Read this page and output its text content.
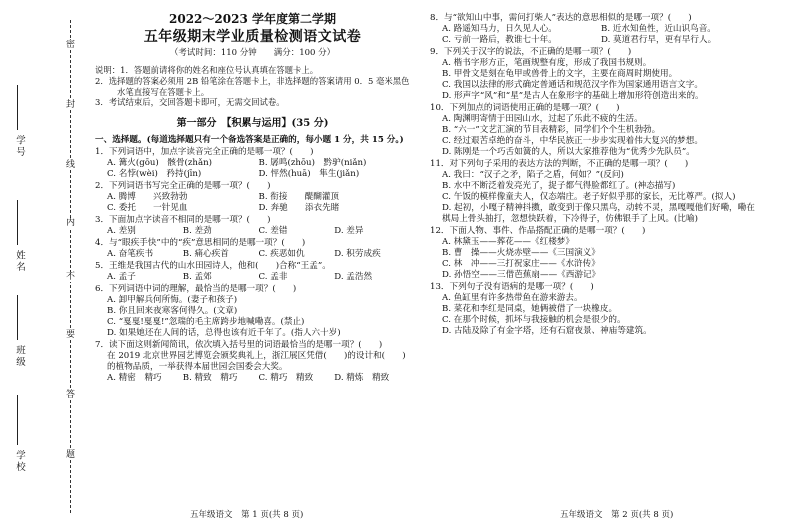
学号
姓名
班级
学校
密
封
线
内
不
要
答
题
2022～2023 学年度第二学期
五年级期末学业质量检测语文试卷
（考试时间：110 分钟　　满分：100 分）
说明：1．答题前请将你的姓名和座位号认真填在答题卡上。
2．选择题的答案必须用 2B 铅笔涂在答题卡上，非选择题的答案请用 0．5 毫米黑色水笔直接写在答题卡上。
3．考试结束后，交回答题卡即可，无需交回试卷。
第一部分　【积累与运用】(35 分)
一、选择题。(每道选择题只有一个备选答案是正确的，每小题 1 分，共 15 分。)
1．下列词语中，加点字读音完全正确的是哪一项？(　　)
A. 篝火(gōu)　骸骨(zhǎn)	B. 孱鸣(zhōu)　黔驴(niǎn)
C. 名悖(wèi)　矜持(jīn)	D. 怦然(huā)　隼生(jiǎn)
2．下列词语书写完全正确的是哪一项？(　　)
A. 腾博　　兴致勃勃	B. 衔接　　醍醐灌顶
C. 委托　　一针见血	D. 奔驰　　添衣先睹
3．下面加点字读音不相同的是哪一项？(　　)
A. 差别	B. 差劲	C. 差错	D. 差异
4．与“眼疾手快”中的“疾”意思相同的是哪一项？(　　)
A. 奋笔疾书	B. 痛心疾首	C. 疾恶如仇	D. 积劳成疾
5．王维是我国古代的山水田园诗人，他和(　　)合称“王孟”。
A. 孟子	B. 孟郊	C. 孟非	D. 孟浩然
6．下列词语中词的理解，最恰当的是哪一项？(　　)
A. 卸甲解兵何所悔。(妻子和孩子)
B. 你且回来夜寒客何得久。(文章)
C. “戛戛!戛戛!”忽瑞的毛主席跨步地喊嘞喜。(禁止)
D. 如果她还在人间的话，总得也该有近千年了。(指人六十岁)
7．读下面这则新闻简讯，依次填入括号里的词语最恰当的是哪一项？(　　)
在 2019 北京世界园艺博览会颁奖典礼上，浙江展区凭借(　　)的设计和(　　)的植物品质，一举获得本届世园会国委会大奖。
A. 精密　精巧	B. 精致　精巧	C. 精巧　精致	D. 精炼　精致
8．与“欲知山中事，需问打柴人”表达的意思相似的是哪一项？(　　)
A. 路遥知马力，日久见人心。	B. 近水知鱼性，近山识鸟音。
C. 亏前一路后，教谁七十年。	D. 莫道君行早，更有早行人。
9．下列关于汉字的说法，不正确的是哪一项？(　　)
A. 楷书字形方正，笔画规整有度，形成了我国书规则。
B. 甲骨文是刻在龟甲或兽骨上的文字，主要在商周时期使用。
C. 我国以法律的形式确定普通话和规范汉字作为国家通用语言文字。
D. 形声字“风”和“星”是古人在象形字的基础上增加形符创造出来的。
10．下列加点的词语使用正确的是哪一项？(　　)
A. 陶渊明寄情于田园山水，过起了乐此不疲的生活。
B. “六一”文艺汇演的节目表精彩，同学们个个生机勃勃。
C. 经过艰苦卓绝的奋斗，中华民族正一步步实现着伟大复兴的梦想。
D. 陈刚是一个巧舌如簧的人，所以大家推荐他为“优秀少先队员”。
11．对下列句子采用的表达方法的判断，不正确的是哪一项？(　　)
A. 我曰：“汉子之矛，陷子之盾，何如？”(反问)
B. 水中不断泛着发亮光了，捉子都气得脸都红了。(神态描写)
C. 午饭的模样像童夫人，仅态端庄。老子好似乎那的家长，无比尊严。(拟人)
D. 起初，小嘎子精神抖擞，敢变到于像只黑鸟，动转不灵，黑嘎嘎他们好嘞，嘞在棋局上骨头抽打，忽想快跃着，下冷得子，仿佛银手了上风。(比喻)
12．下面人物、事件、作品搭配正确的是哪一项？(　　)
A. 林黛玉——葬花——《红楼梦》
B. 曹　操——火烧赤壁——《三国演义》
C. 林　冲——三打祝家庄——《水浒传》
D. 孙悟空——三借芭蕉扇——《西游记》
13．下列句子没有语病的是哪一项？(　　)
A. 鱼缸里有许多热带鱼在游来游去。
B. 菜花和李红是同桌，她俩被借了一块橡皮。
C. 在那个时候，抓坏与我接触的机会是很少的。
D. 古陆及除了有金字塔，还有石窟夜景、神庙等建筑。
五年级语文　第 1 页(共 8 页)	五年级语文　第 2 页(共 8 页)
